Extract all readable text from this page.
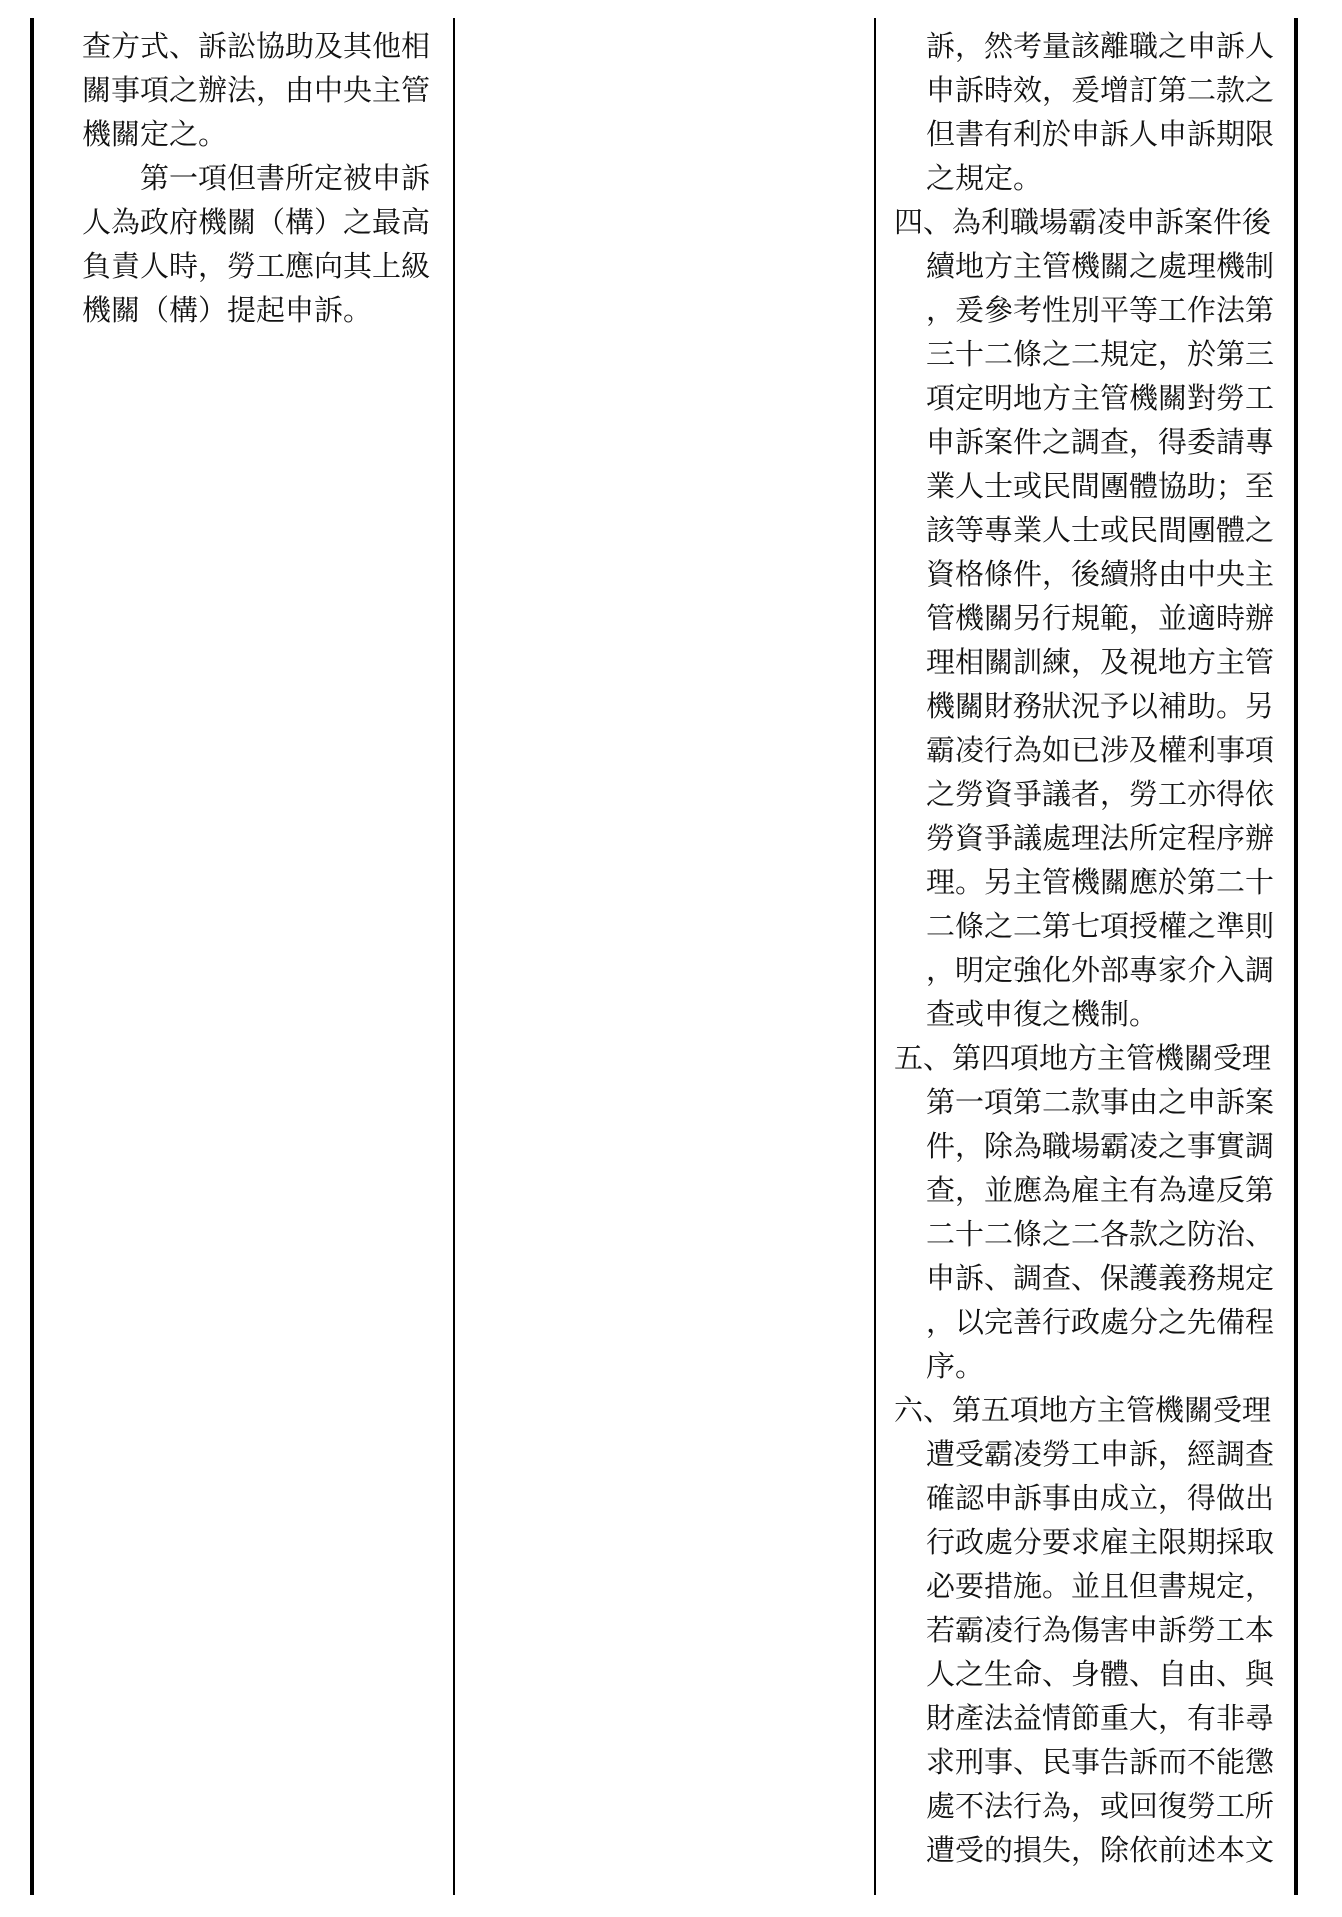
查方式、訴訟協助及其他相
關事項之辦法，由中央主管
機關定之。
第一項但書所定被申訴
人為政府機關（構）之最高
負責人時，勞工應向其上級
機關（構）提起申訴。
訴，然考量該離職之申訴人
申訴時效，爰增訂第二款之
但書有利於申訴人申訴期限
之規定。
四、為利職場霸凌申訴案件後
續地方主管機關之處理機制
，爰參考性別平等工作法第
三十二條之二規定，於第三
項定明地方主管機關對勞工
申訴案件之調查，得委請專
業人士或民間團體協助；至
該等專業人士或民間團體之
資格條件，後續將由中央主
管機關另行規範，並適時辦
理相關訓練，及視地方主管
機關財務狀況予以補助。另
霸凌行為如已涉及權利事項
之勞資爭議者，勞工亦得依
勞資爭議處理法所定程序辦
理。另主管機關應於第二十
二條之二第七項授權之準則
，明定強化外部專家介入調
查或申復之機制。
五、第四項地方主管機關受理
第一項第二款事由之申訴案
件，除為職場霸凌之事實調
查，並應為雇主有為違反第
二十二條之二各款之防治、
申訴、調查、保護義務規定
，以完善行政處分之先備程
序。
六、第五項地方主管機關受理
遭受霸凌勞工申訴，經調查
確認申訴事由成立，得做出
行政處分要求雇主限期採取
必要措施。並且但書規定，
若霸凌行為傷害申訴勞工本
人之生命、身體、自由、與
財產法益情節重大，有非尋
求刑事、民事告訴而不能懲
處不法行為，或回復勞工所
遭受的損失，除依前述本文
